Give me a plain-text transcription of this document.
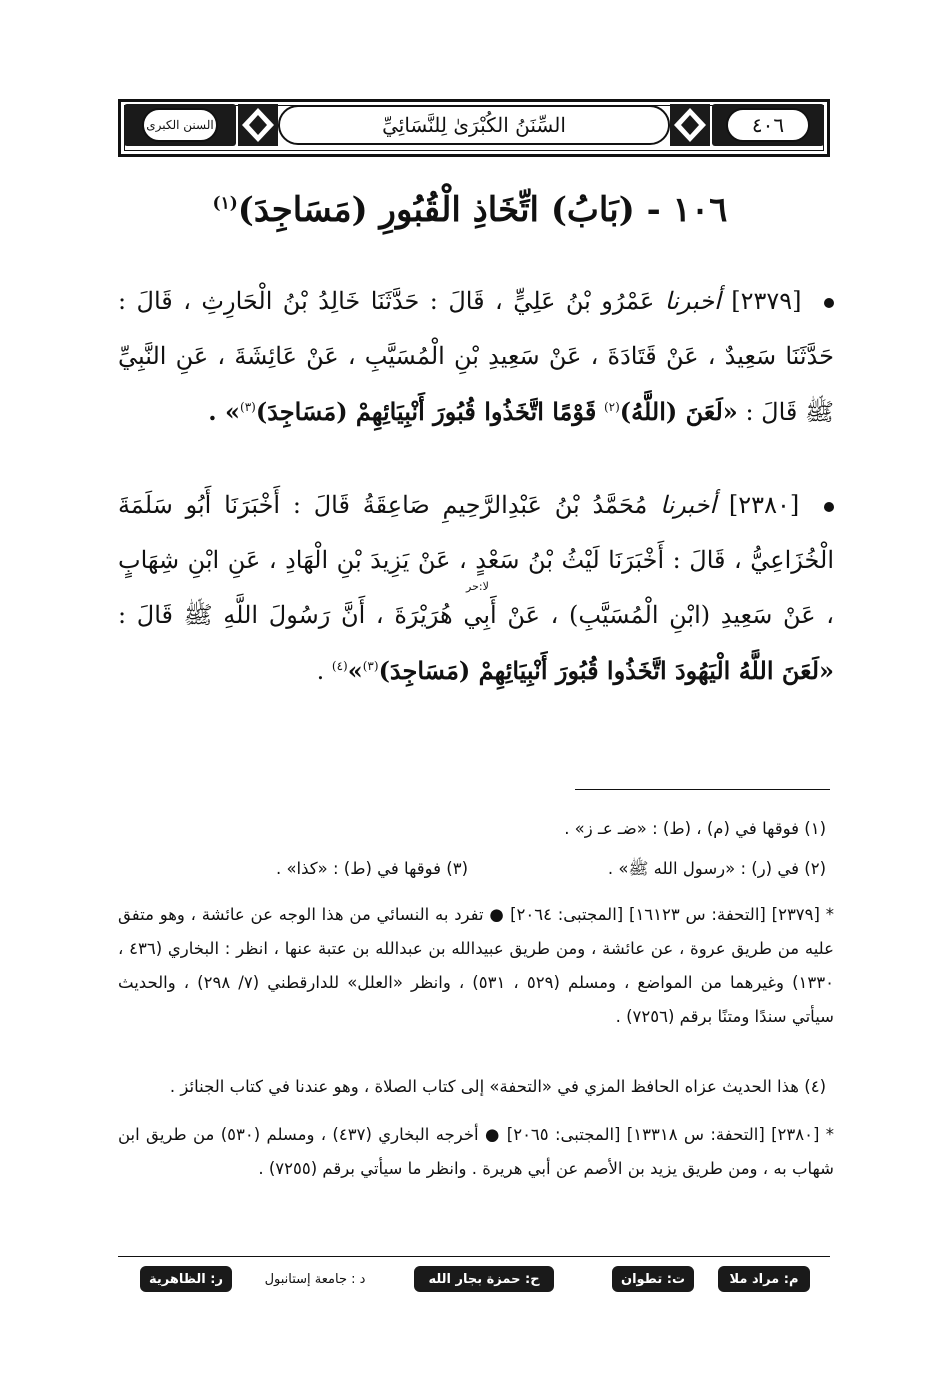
السنن الكبرى	السِّنَنُ الكُبْرَىٰ لِلنَّسَائِيِّ	٤٠٦
١٠٦ - (بَابُ) اتِّخَاذِ الْقُبُورِ (مَسَاجِدَ)$^{(١)}$
[٢٣٧٩] أخبرنا عَمْرُو بْنُ عَلِيٍّ ، قَالَ : حَدَّثَنَا خَالِدُ بْنُ الْحَارِثِ ، قَالَ : حَدَّثَنَا سَعِيدٌ ، عَنْ قَتَادَةَ ، عَنْ سَعِيدِ بْنِ الْمُسَيَّبِ ، عَنْ عَائِشَةَ ، عَنِ النَّبِيِّ ﷺ قَالَ : «لَعَنَ (اللَّهُ)$^{(٢)}$ قَوْمًا اتَّخَذُوا قُبُورَ أَنْبِيَائِهِمْ (مَسَاجِدَ)$^{(٣)}$» .
[٢٣٨٠] أخبرنا مُحَمَّدُ بْنُ عَبْدِالرَّحِيمِ صَاعِقَةُ قَالَ : أَخْبَرَنَا أَبُو سَلَمَةَ الْخُزَاعِيُّ ، قَالَ : أَخْبَرَنَا لَيْثُ بْنُ سَعْدٍ ، عَنْ يَزِيدَ بْنِ الْهَادِ ، عَنِ ابْنِ شِهَابٍ ، عَنْ سَعِيدِ (ابْنِ الْمُسَيَّبِ) ، عَنْ أَبِي هُرَيْرَةَ ، أَنَّ رَسُولَ اللَّهِ ﷺ قَالَ : «لَعَنَ اللَّهُ الْيَهُودَ اتَّخَذُوا قُبُورَ أَنْبِيَائِهِمْ (مَسَاجِدَ)$^{(٣)}$»$^{(٤)}$ .
لا:حر
(١) فوقها في (م) ، (ط) : «ضـ عـ ز» .
(٢) في (ر) : «رسول الله ﷺ» .
(٣) فوقها في (ط) : «كذا» .
* [٢٣٧٩] [التحفة: س ١٦١٢٣] [المجتبى: ٢٠٦٤] ● تفرد به النسائي من هذا الوجه عن عائشة ، وهو متفق عليه من طريق عروة ، عن عائشة ، ومن طريق عبيدالله بن عبدالله بن عتبة عنها ، انظر : البخاري (٤٣٦ ، ١٣٣٠) وغيرهما من المواضع ، ومسلم (٥٢٩ ، ٥٣١) ، وانظر «العلل» للدارقطني (٧/ ٢٩٨) ، والحديث سيأتي سندًا ومتنًا برقم (٧٢٥٦) .
(٤) هذا الحديث عزاه الحافظ المزي في «التحفة» إلى كتاب الصلاة ، وهو عندنا في كتاب الجنائز .
* [٢٣٨٠] [التحفة: س ١٣٣١٨] [المجتبى: ٢٠٦٥] ● أخرجه البخاري (٤٣٧) ، ومسلم (٥٣٠) من طريق ابن شهاب به ، ومن طريق يزيد بن الأصم عن أبي هريرة . وانظر ما سيأتي برقم (٧٢٥٥) .
م: مراد ملا
ت: تطوان
ح: حمزة بجار الله
د : جامعة إستانبول
ر: الظاهرية
